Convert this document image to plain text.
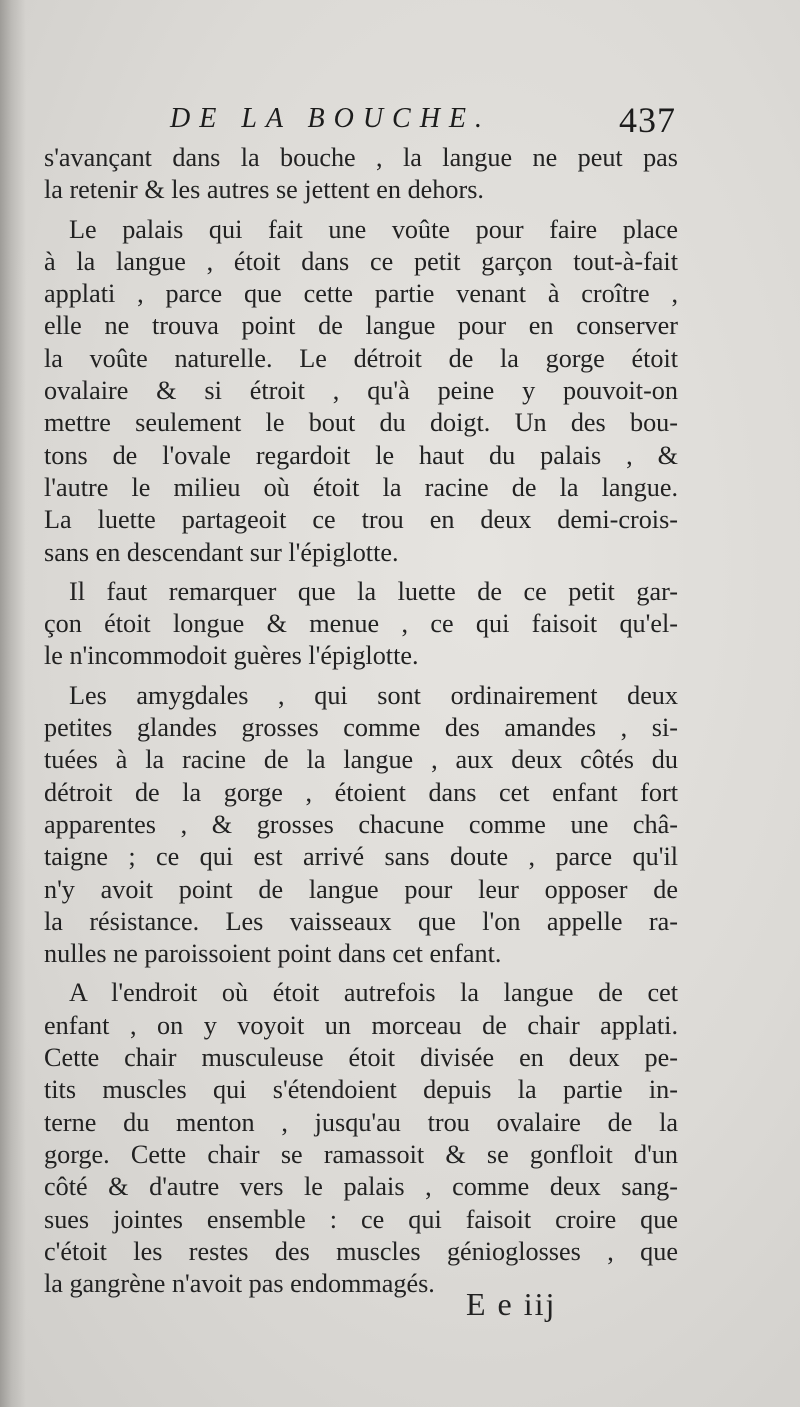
DE LA BOUCHE.	437
s'avançant dans la bouche , la langue ne peut pas
la retenir & les autres se jettent en dehors.
Le palais qui fait une voûte pour faire place
à la langue , étoit dans ce petit garçon tout-à-fait
applati , parce que cette partie venant à croître ,
elle ne trouva point de langue pour en conserver
la voûte naturelle. Le détroit de la gorge étoit
ovalaire & si étroit , qu'à peine y pouvoit-on
mettre seulement le bout du doigt. Un des bou-
tons de l'ovale regardoit le haut du palais , &
l'autre le milieu où étoit la racine de la langue.
La luette partageoit ce trou en deux demi-crois-
sans en descendant sur l'épiglotte.
Il faut remarquer que la luette de ce petit gar-
çon étoit longue & menue , ce qui faisoit qu'el-
le n'incommodoit guères l'épiglotte.
Les amygdales , qui sont ordinairement deux
petites glandes grosses comme des amandes , si-
tuées à la racine de la langue , aux deux côtés du
détroit de la gorge , étoient dans cet enfant fort
apparentes , & grosses chacune comme une châ-
taigne ; ce qui est arrivé sans doute , parce qu'il
n'y avoit point de langue pour leur opposer de
la résistance. Les vaisseaux que l'on appelle ra-
nulles ne paroissoient point dans cet enfant.
A l'endroit où étoit autrefois la langue de cet
enfant , on y voyoit un morceau de chair applati.
Cette chair musculeuse étoit divisée en deux pe-
tits muscles qui s'étendoient depuis la partie in-
terne du menton , jusqu'au trou ovalaire de la
gorge. Cette chair se ramassoit & se gonfloit d'un
côté & d'autre vers le palais , comme deux sang-
sues jointes ensemble : ce qui faisoit croire que
c'étoit les restes des muscles génioglosses , que
la gangrène n'avoit pas endommagés.
E e iij
